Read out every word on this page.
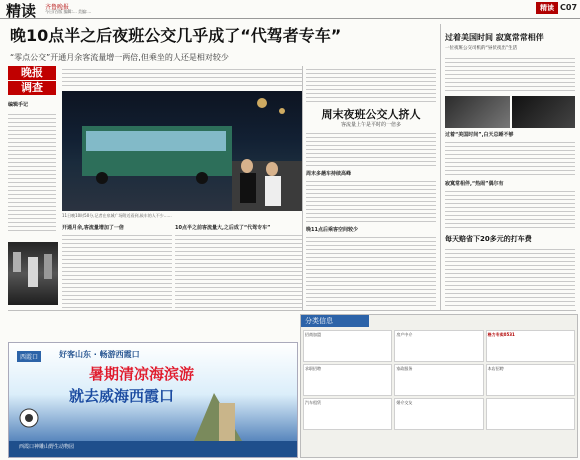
精读 齐鲁晚报
今日/百版 编辑:... 美编:...	精读 C07
晚10点半之后夜班公交几乎成了“代驾者专车”
“零点公交”开通月余客流量增一两倍,但乘坐的人还是相对较少
晚报
调查
编辑手记
11日晚10时50分,记者在泉城广场附近看到,候车的人不少……
开通月余,客流量增加了一倍	10点半之前客流量大,之后成了“代驾专车”
周末夜班公交人挤人
客流量上午是平时的一倍多
周末多趟车持续高峰
晚11点后乘客空间较少
过着美国时间 寂寞常常相伴
一位夜班公交司机的“昼伏夜出”生活
过着“美国时间”,白天总睡不够
寂寞常相伴,“热闹”偶尔有
每天赔省下20多元的打车费
好客山东 · 畅游西霞口
西霞口
暑期清凉海滨游
就去威海西霞口
西霞口神雕山野生动物园
分类信息
招商加盟	房产中介	格力专卖0531
求职招聘	家政服务	本店招聘
汽车租赁	婚介交友
